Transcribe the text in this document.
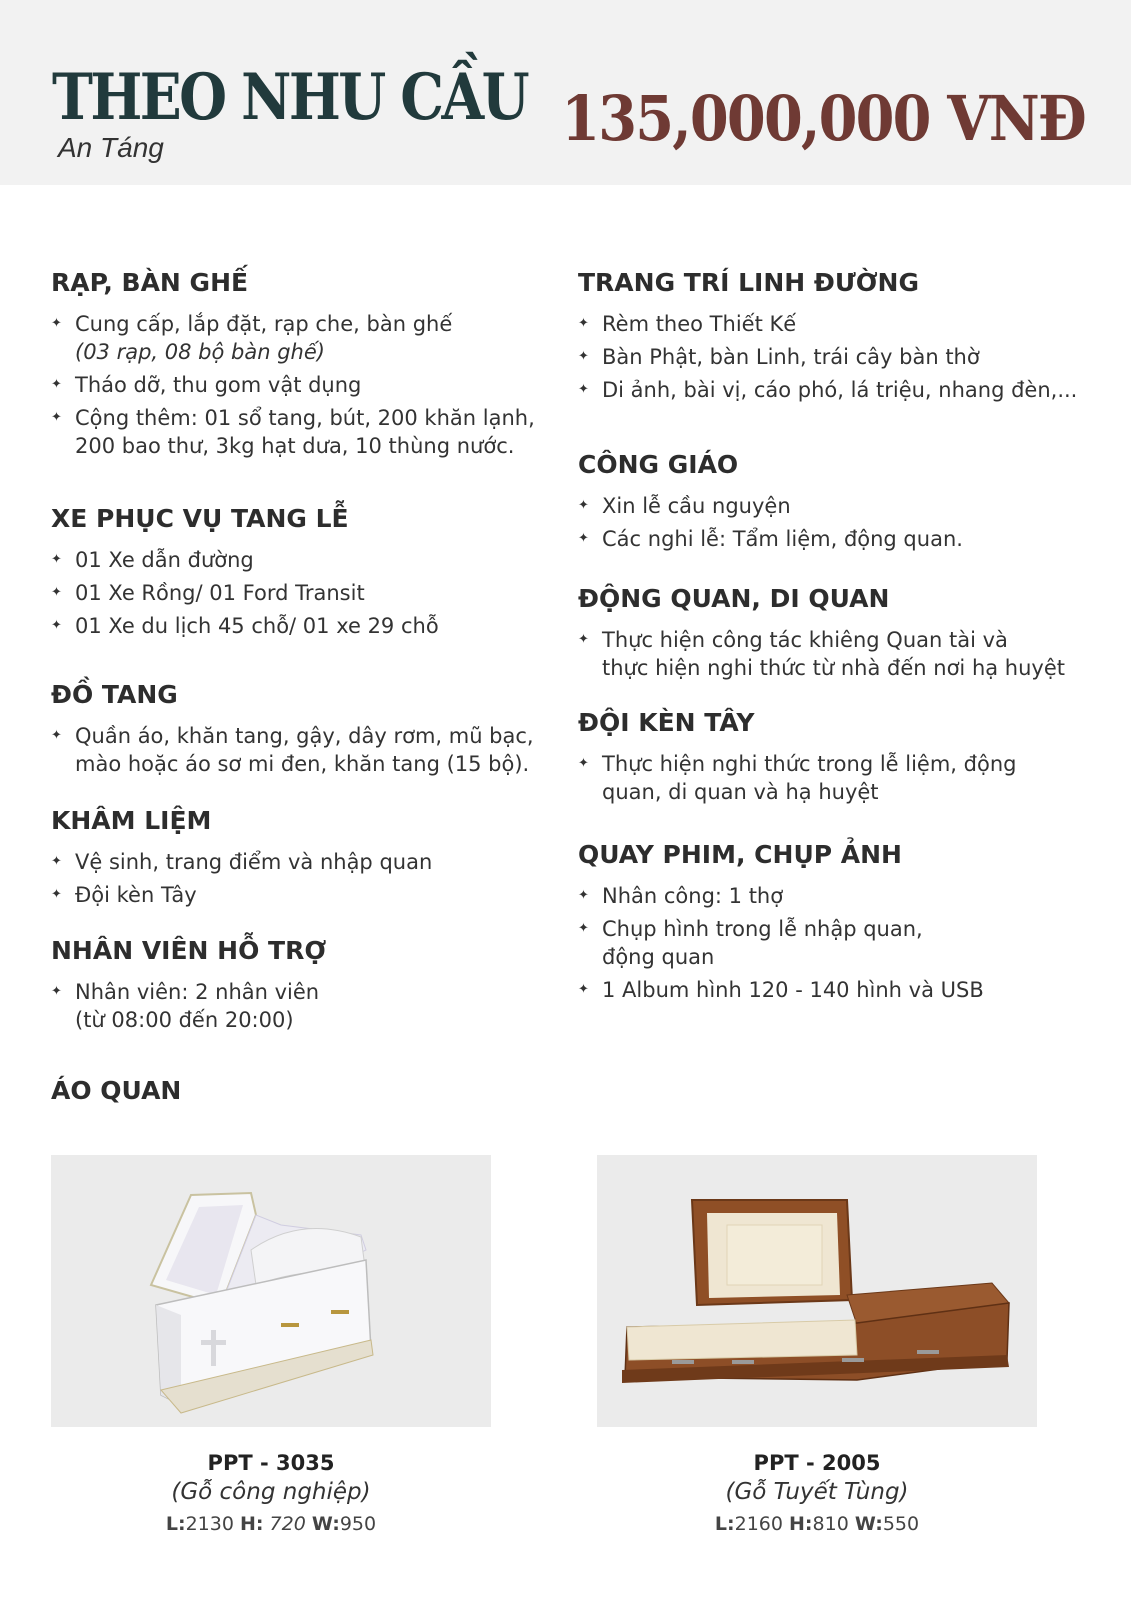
THEO NHU CẦU
An Táng	135,000,000 VNĐ
RẠP, BÀN GHẾ
✦ Cung cấp, lắp đặt, rạp che, bàn ghế
(03 rạp, 08 bộ bàn ghế)
✦ Tháo dỡ, thu gom vật dụng
✦ Cộng thêm: 01 sổ tang, bút, 200 khăn lạnh,
200 bao thư, 3kg hạt dưa, 10 thùng nước.
XE PHỤC VỤ TANG LỄ
✦ 01 Xe dẫn đường
✦ 01 Xe Rồng/ 01 Ford Transit
✦ 01 Xe du lịch 45 chỗ/ 01 xe 29 chỗ
ĐỒ TANG
✦ Quần áo, khăn tang, gậy, dây rơm, mũ bạc,
mào hoặc áo sơ mi đen, khăn tang (15 bộ).
KHÂM LIỆM
✦ Vệ sinh, trang điểm và nhập quan
✦ Đội kèn Tây
NHÂN VIÊN HỖ TRỢ
✦ Nhân viên: 2 nhân viên
(từ 08:00 đến 20:00)
TRANG TRÍ LINH ĐƯỜNG
✦ Rèm theo Thiết Kế
✦ Bàn Phật, bàn Linh, trái cây bàn thờ
✦ Di ảnh, bài vị, cáo phó, lá triệu, nhang đèn,...
CÔNG GIÁO
✦ Xin lễ cầu nguyện
✦ Các nghi lễ: Tẩm liệm, động quan.
ĐỘNG QUAN, DI QUAN
✦ Thực hiện công tác khiêng Quan tài và
thực hiện nghi thức từ nhà đến nơi hạ huyệt
ĐỘI KÈN TÂY
✦ Thực hiện nghi thức trong lễ liệm, động
quan, di quan và hạ huyệt
QUAY PHIM, CHỤP ẢNH
✦ Nhân công: 1 thợ
✦ Chụp hình trong lễ nhập quan,
động quan
✦ 1 Album hình 120 - 140 hình và USB
ÁO QUAN
PPT - 3035
(Gỗ công nghiệp)
L:2130 H: 720 W:950
PPT - 2005
(Gỗ Tuyết Tùng)
L:2160 H:810 W:550
